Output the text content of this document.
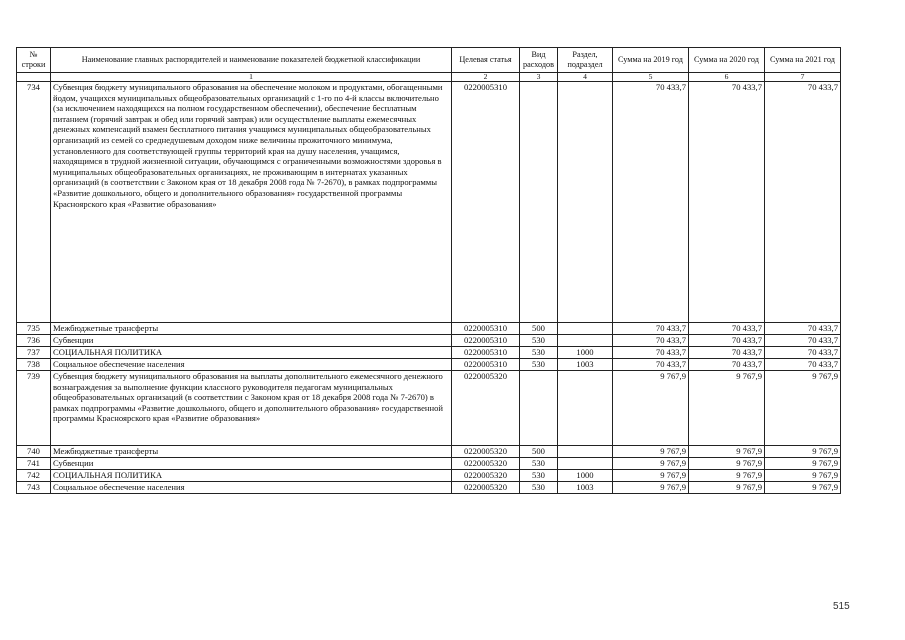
№ строки	Наименование главных распорядителей и наименование показателей бюджетной классификации	Целевая статья	Вид расходов	Раздел, подраздел	Сумма на 2019 год	Сумма на 2020 год	Сумма на 2021 год
	1	2	3	4	5	6	7
734	Субвенция бюджету муниципального образования на обеспечение молоком и продуктами, обогащенными йодом, учащихся муниципальных общеобразовательных организаций с 1-го по 4-й классы включительно (за исключением находящихся на полном государственном обеспечении), обеспечение бесплатным питанием (горячий завтрак и обед или горячий завтрак) или осуществление выплаты ежемесячных денежных компенсаций взамен бесплатного питания учащимся муниципальных общеобразовательных организаций из семей со среднедушевым доходом ниже величины прожиточного минимума, установленного для соответствующей группы территорий края на душу населения, учащимся, находящимся в трудной жизненной ситуации, обучающимся с ограниченными возможностями здоровья в муниципальных общеобразовательных организациях, не проживающим в интернатах указанных организаций (в соответствии с Законом края от 18 декабря 2008 года № 7-2670), в рамках подпрограммы «Развитие дошкольного, общего и дополнительного образования» государственной программы Красноярского края «Развитие образования»	0220005310			70 433,7	70 433,7	70 433,7
735	Межбюджетные трансферты	0220005310	500		70 433,7	70 433,7	70 433,7
736	Субвенции	0220005310	530		70 433,7	70 433,7	70 433,7
737	СОЦИАЛЬНАЯ ПОЛИТИКА	0220005310	530	1000	70 433,7	70 433,7	70 433,7
738	Социальное обеспечение населения	0220005310	530	1003	70 433,7	70 433,7	70 433,7
739	Субвенция бюджету муниципального образования на выплаты дополнительного ежемесячного денежного вознаграждения за выполнение функции классного руководителя педагогам муниципальных общеобразовательных организаций (в соответствии с Законом края от 18 декабря 2008 года № 7-2670) в рамках подпрограммы «Развитие дошкольного, общего и дополнительного образования» государственной программы Красноярского края «Развитие образования»	0220005320			9 767,9	9 767,9	9 767,9
740	Межбюджетные трансферты	0220005320	500		9 767,9	9 767,9	9 767,9
741	Субвенции	0220005320	530		9 767,9	9 767,9	9 767,9
742	СОЦИАЛЬНАЯ ПОЛИТИКА	0220005320	530	1000	9 767,9	9 767,9	9 767,9
743	Социальное обеспечение населения	0220005320	530	1003	9 767,9	9 767,9	9 767,9
515
